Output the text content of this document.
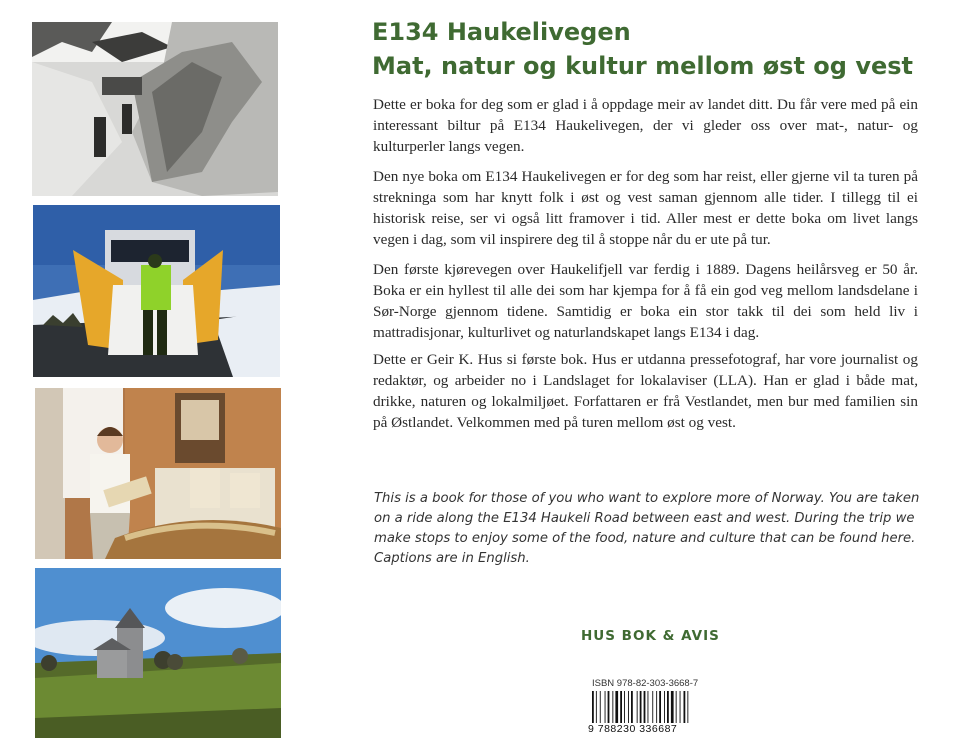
E134 Haukelivegen
Mat, natur og kultur mellom øst og vest

Dette er boka for deg som er glad i å oppdage meir av landet ditt. Du får vere med på ein interessant biltur på E134 Haukelivegen, der vi gleder oss over mat-, natur- og kulturperler langs vegen.

Den nye boka om E134 Haukelivegen er for deg som har reist, eller gjerne vil ta turen på strekninga som har knytt folk i øst og vest saman gjennom alle tider. I tillegg til ei historisk reise, ser vi også litt framover i tid. Aller mest er dette boka om livet langs vegen i dag, som vil inspirere deg til å stoppe når du er ute på tur.

Den første kjørevegen over Haukelifjell var ferdig i 1889. Dagens heilårsveg er 50 år. Boka er ein hyllest til alle dei som har kjempa for å få ein god veg mellom landsdelane i Sør-Norge gjennom tidene. Samtidig er boka ein stor takk til dei som held liv i mattradisjonar, kulturlivet og naturlandskapet langs E134 i dag.

Dette er Geir K. Hus si første bok. Hus er utdanna pressefotograf, har vore journalist og redaktør, og arbeider no i Landslaget for lokalaviser (LLA). Han er glad i både mat, drikke, naturen og lokalmiljøet. Forfattaren er frå Vestlandet, men bur med familien sin på Østlandet. Velkommen med på turen mellom øst og vest.

This is a book for those of you who want to explore more of Norway. You are taken on a ride along the E134 Haukeli Road between east and west. During the trip we make stops to enjoy some of the food, nature and culture that can be found here. Captions are in English.

HUS BOK & AVIS

ISBN 978-82-303-3668-7

9 788230 336687
